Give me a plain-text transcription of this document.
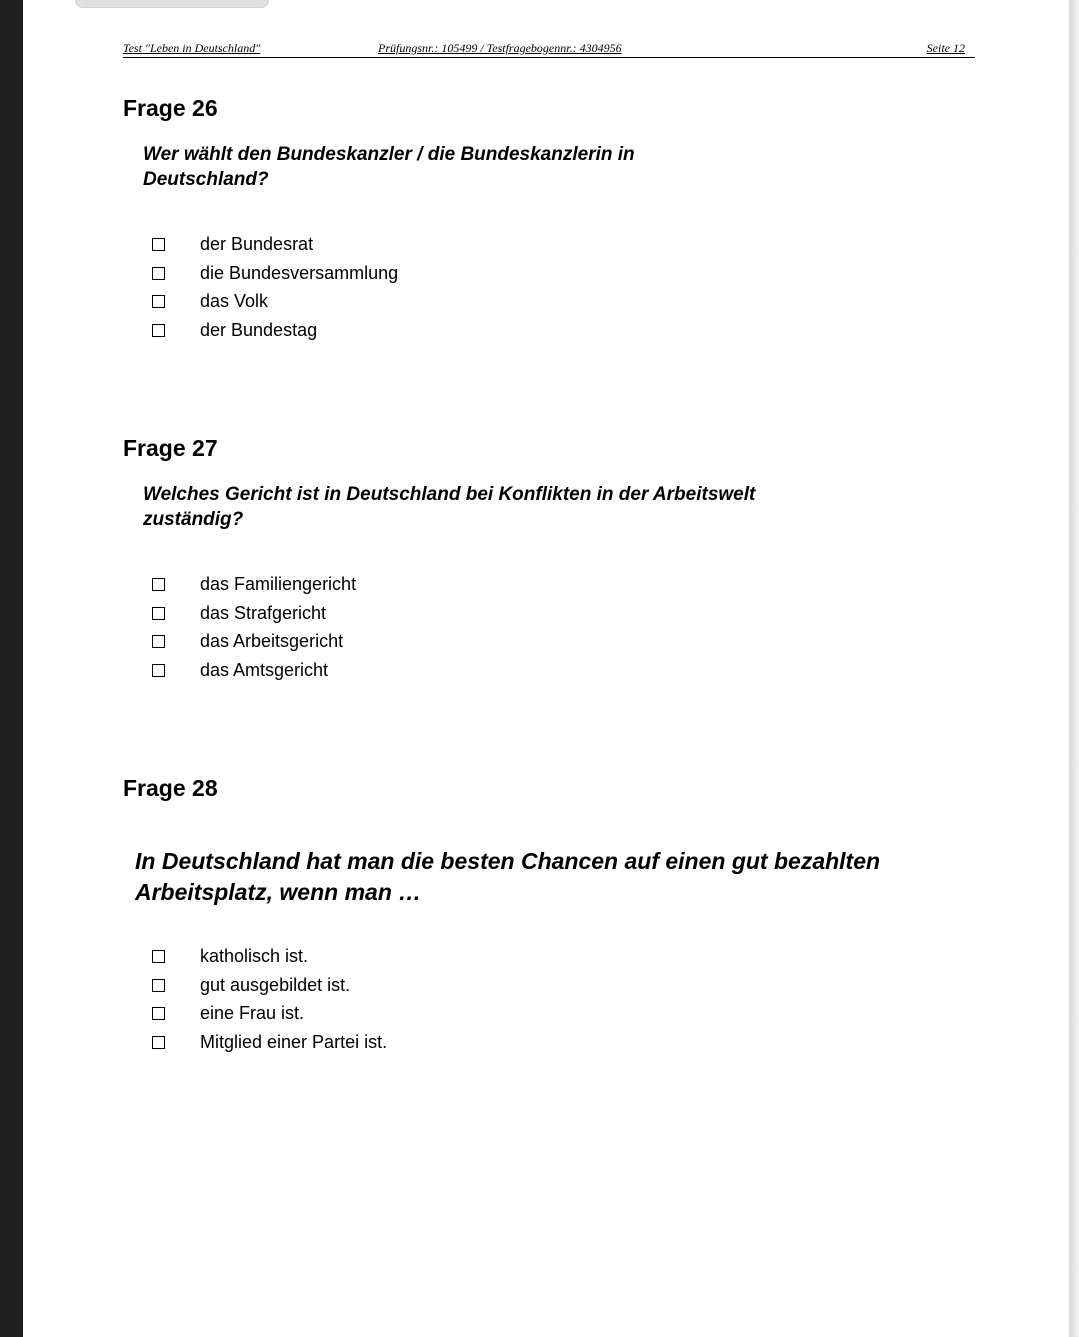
Test "Leben in Deutschland"	Prüfungsnr.: 105499 / Testfragebogennr.: 4304956	Seite 12
Frage 26
Wer wählt den Bundeskanzler / die Bundeskanzlerin in Deutschland?
der Bundesrat
die Bundesversammlung
das Volk
der Bundestag
Frage 27
Welches Gericht ist in Deutschland bei Konflikten in der Arbeitswelt zuständig?
das Familiengericht
das Strafgericht
das Arbeitsgericht
das Amtsgericht
Frage 28
In Deutschland hat man die besten Chancen auf einen gut bezahlten Arbeitsplatz, wenn man …
katholisch ist.
gut ausgebildet ist.
eine Frau ist.
Mitglied einer Partei ist.
